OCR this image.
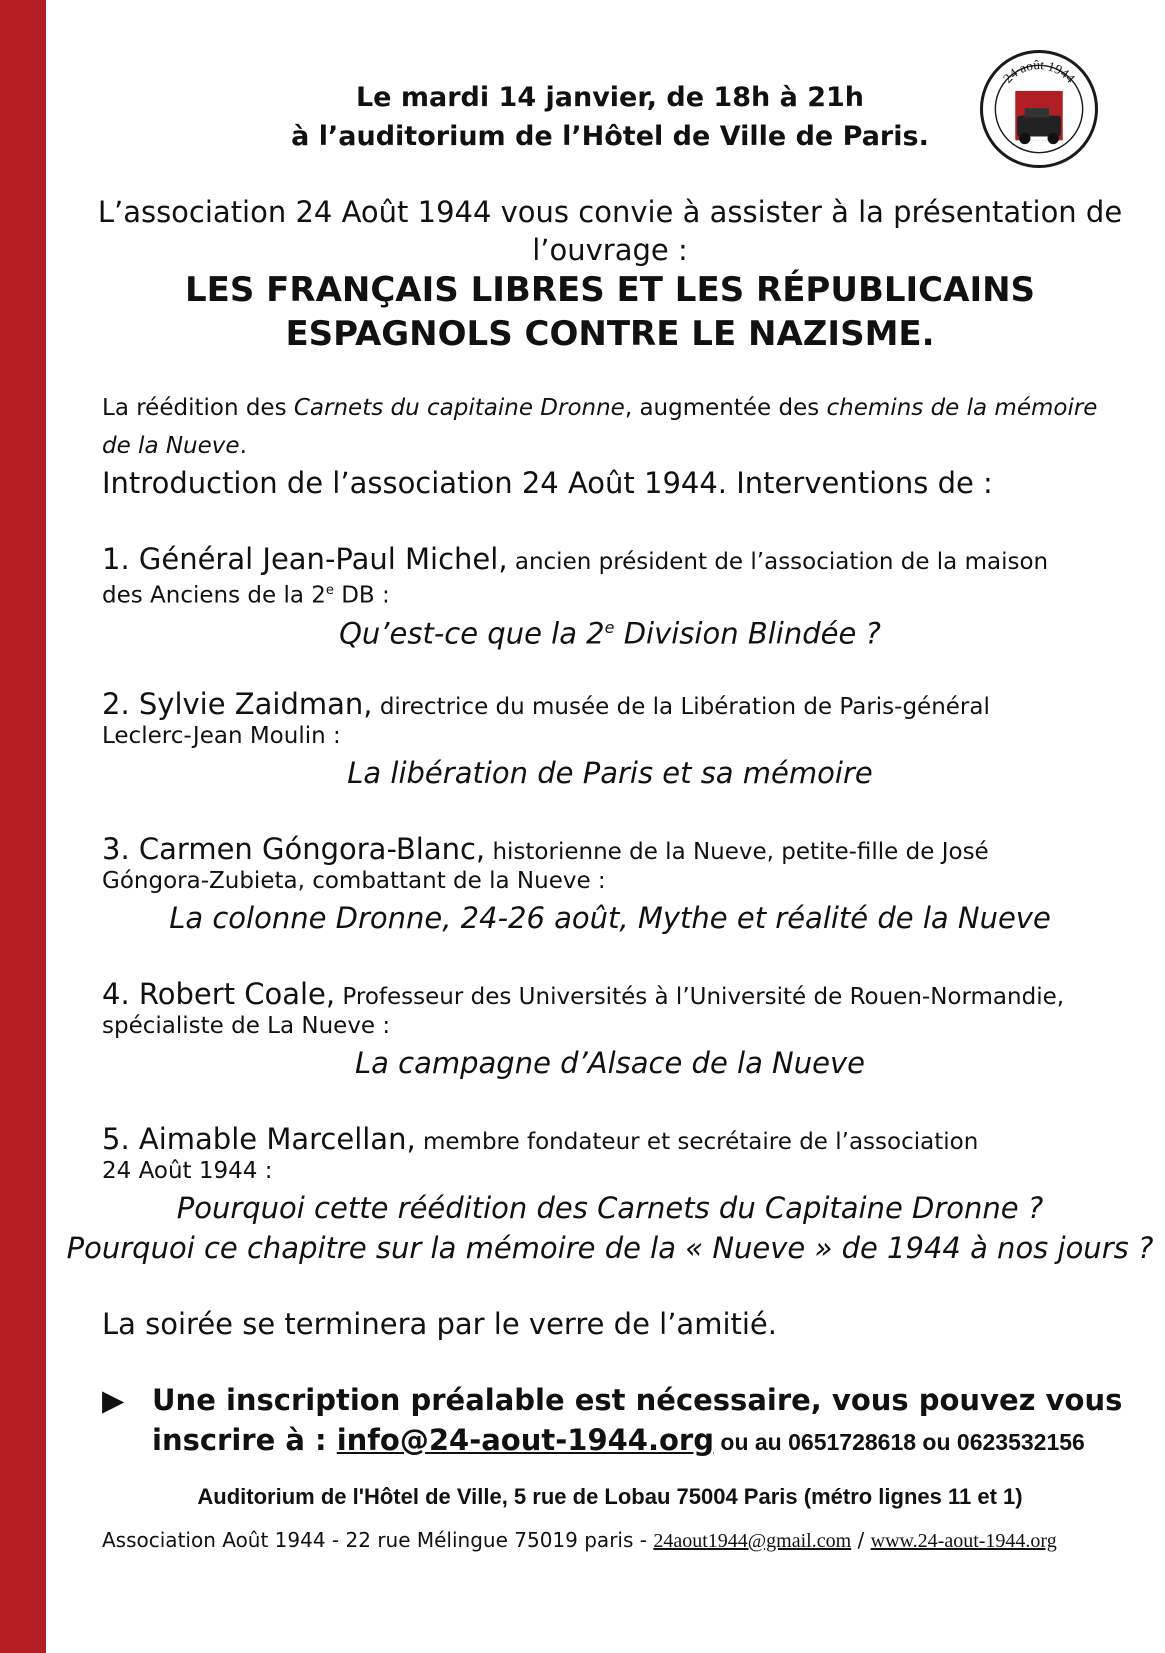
24 août 1944
Le mardi 14 janvier, de 18h à 21h
à l’auditorium de l’Hôtel de Ville de Paris.
L’association 24 Août 1944 vous convie à assister à la présentation de
l’ouvrage :
LES FRANÇAIS LIBRES ET LES RÉPUBLICAINS
ESPAGNOLS CONTRE LE NAZISME.
La réédition des Carnets du capitaine Dronne, augmentée des chemins de la mémoire
de la Nueve.
Introduction de l’association 24 Août 1944. Interventions de :
1. Général Jean-Paul Michel, ancien président de l’association de la maison
des Anciens de la 2e DB :
Qu’est-ce que la 2e Division Blindée ?
2. Sylvie Zaidman, directrice du musée de la Libération de Paris-général
Leclerc-Jean Moulin :
La libération de Paris et sa mémoire
3. Carmen Góngora-Blanc, historienne de la Nueve, petite-fille de José
Góngora-Zubieta, combattant de la Nueve :
La colonne Dronne, 24-26 août, Mythe et réalité de la Nueve
4. Robert Coale, Professeur des Universités à l’Université de Rouen-Normandie,
spécialiste de La Nueve :
La campagne d’Alsace de la Nueve
5. Aimable Marcellan, membre fondateur et secrétaire de l’association
24 Août 1944 :
Pourquoi cette réédition des Carnets du Capitaine Dronne ?
Pourquoi ce chapitre sur la mémoire de la « Nueve » de 1944 à nos jours ?
La soirée se terminera par le verre de l’amitié.
▶ Une inscription préalable est nécessaire, vous pouvez vous
inscrire à : info@24-aout-1944.org ou au 0651728618 ou 0623532156
Auditorium de l'Hôtel de Ville, 5 rue de Lobau 75004 Paris (métro lignes 11 et 1)
Association Août 1944 - 22 rue Mélingue 75019 paris - 24aout1944@gmail.com / www.24-aout-1944.org
